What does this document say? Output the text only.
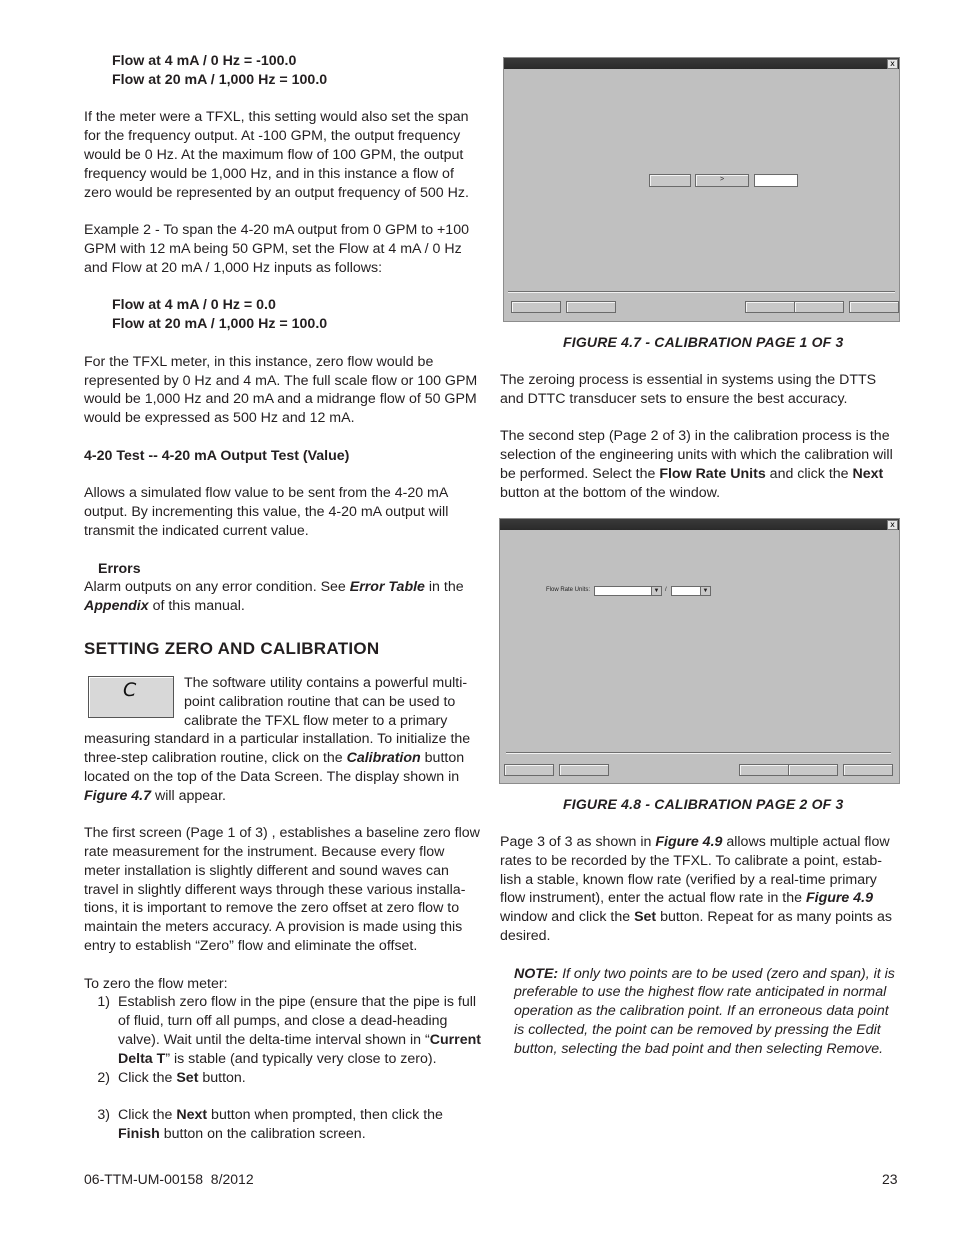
Flow at 4 mA / 0 Hz = -100.0

Flow at 20 mA / 1,000 Hz = 100.0

If the meter were a TFXL, this setting would also set the span for the frequency output. At -100 GPM, the output frequency would be 0 Hz. At the maximum flow of 100 GPM, the output frequency would be 1,000 Hz, and in this instance a flow of zero would be represented by an output frequency of 500 Hz.

Example 2 - To span the 4-20 mA output from 0 GPM to +100 GPM with 12 mA being 50 GPM, set the Flow at 4 mA / 0 Hz and Flow at 20 mA / 1,000 Hz inputs as follows:

Flow at 4 mA / 0 Hz = 0.0

Flow at 20 mA / 1,000 Hz = 100.0

For the TFXL meter, in this instance, zero flow would be represented by 0 Hz and 4 mA. The full scale flow or 100 GPM would be 1,000 Hz and 20 mA and a midrange flow of 50 GPM would be expressed as 500 Hz and 12 mA.

4-20 Test -- 4-20 mA Output Test (Value)

Allows a simulated flow value to be sent from the 4-20 mA output. By incrementing this value, the 4-20 mA output will transmit the indicated current value.

Errors

Alarm outputs on any error condition. See Error Table in the Appendix of this manual.

SETTING ZERO AND CALIBRATION
C	The software utility contains a powerful multi-point calibration routine that can be used to calibrate the TFXL flow meter to a primary measuring standard in a particular installation. To initialize the three-step calibration routine, click on the Calibration button located on the top of the Data Screen. The display shown in Figure 4.7 will appear.

The first screen (Page 1 of 3) , establishes a baseline zero flow rate measurement for the instrument. Because every flow meter installation is slightly different and sound waves can travel in slightly different ways through these various installa-tions, it is important to remove the zero offset at zero flow to maintain the meters accuracy. A provision is made using this entry to establish “Zero” flow and eliminate the offset.

To zero the flow meter:

1) Establish zero flow in the pipe (ensure that the pipe is full of fluid, turn off all pumps, and close a dead-heading valve). Wait until the delta-time interval shown in “Current Delta T” is stable (and typically very close to zero).
2) Click the Set button.
3) Click the Next button when prompted, then click the Finish button on the calibration screen.
x
>
x
Flow Rate Units:	▼ /	▼
FIGURE 4.7 - CALIBRATION PAGE 1 OF 3

The zeroing process is essential in systems using the DTTS and DTTC transducer sets to ensure the best accuracy.

The second step (Page 2 of 3) in the calibration process is the selection of the engineering units with which the calibration will be performed. Select the Flow Rate Units and click the Next button at the bottom of the window.

FIGURE 4.8 - CALIBRATION PAGE 2 OF 3

Page 3 of 3 as shown in Figure 4.9 allows multiple actual flow rates to be recorded by the TFXL. To calibrate a point, estab-lish a stable, known flow rate (verified by a real-time primary flow instrument), enter the actual flow rate in the Figure 4.9 window and click the Set button. Repeat for as many points as desired.

NOTE: If only two points are to be used (zero and span), it is preferable to use the highest flow rate anticipated in normal operation as the calibration point. If an erroneous data point is collected, the point can be removed by pressing the Edit button, selecting the bad point and then selecting Remove.

06-TTM-UM-00158  8/2012	23
